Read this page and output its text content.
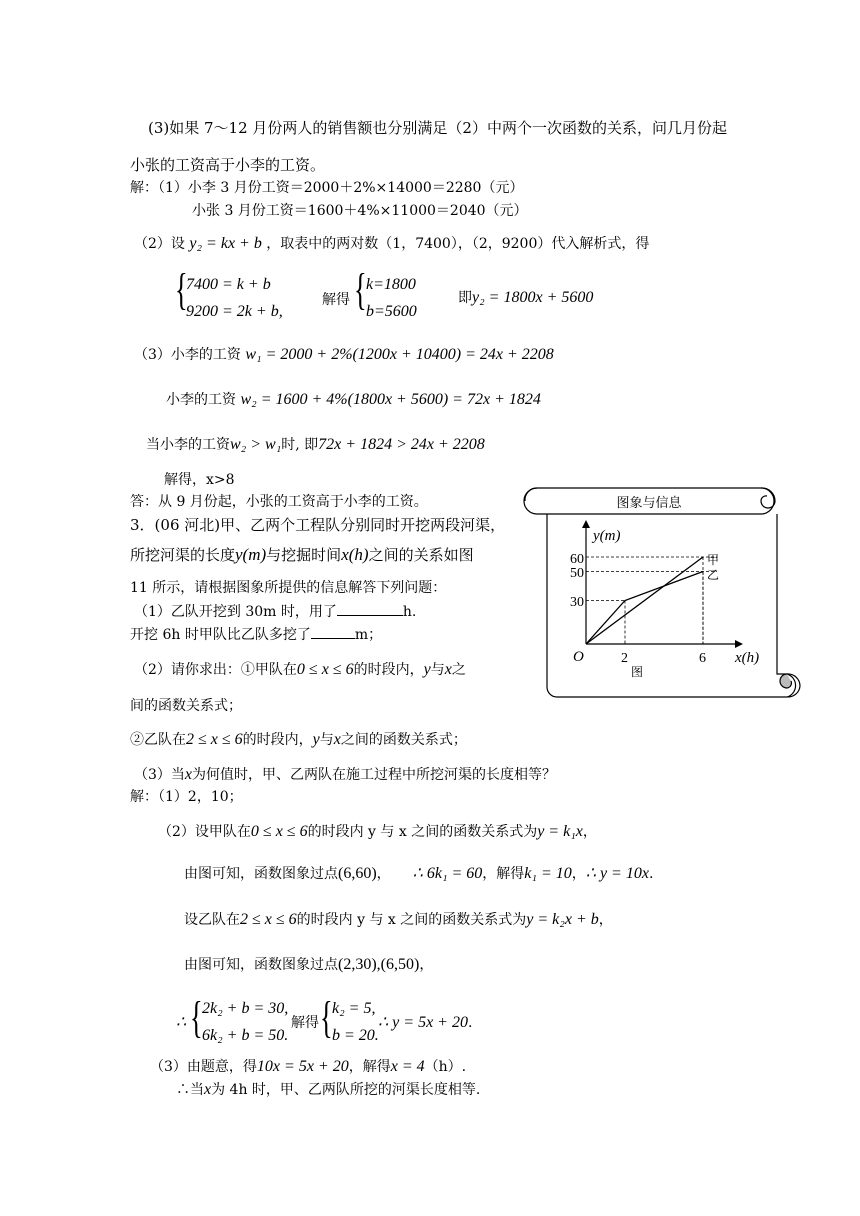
(3)如果 7～12 月份两人的销售额也分别满足（2）中两个一次函数的关系，问几月份起
小张的工资高于小李的工资。
解：（1）小李 3 月份工资＝2000＋2%×14000＝2280（元）
小张 3 月份工资＝1600＋4%×11000＝2040（元）
（2）设 y₂ = kx + b ，取表中的两对数（1，7400），（2，9200）代入解析式，得
{
7400 = k + b
9200 = 2k + b,
解得 { k=1800
b=5600
即y₂ = 1800x + 5600
（3）小李的工资 w₁ = 2000 + 2%(1200x + 10400) = 24x + 2208
小李的工资 w₂ = 1600 + 4%(1800x + 5600) = 72x + 1824
当小李的工资w₂ > w₁时, 即72x + 1824 > 24x + 2208
解得，x>8
答：从 9 月份起，小张的工资高于小李的工资。
3．(06 河北)甲、乙两个工程队分别同时开挖两段河渠，
所挖河渠的长度y(m)与挖掘时间x(h)之间的关系如图
11 所示，请根据图象所提供的信息解答下列问题：
（1）乙队开挖到 30m 时，用了	h.
开挖 6h 时甲队比乙队多挖了	m；
（2）请你求出：①甲队在0 ≤ x ≤ 6的时段内，y与x之
间的函数关系式；
②乙队在2 ≤ x ≤ 6的时段内，y与x之间的函数关系式；
（3）当x为何值时，甲、乙两队在施工过程中所挖河渠的长度相等？
解：（1）2，10；
（2）设甲队在0 ≤ x ≤ 6的时段内 y 与 x 之间的函数关系式为y = k₁x，
由图可知，函数图象过点(6,60)， ∴ 6k₁ = 60，解得k₁ = 10，∴ y = 10x.
设乙队在2 ≤ x ≤ 6的时段内 y 与 x 之间的函数关系式为y = k₂x + b，
由图可知，函数图象过点(2,30),(6,50)，
∴ { 2k₂ + b = 30,
6k₂ + b = 50.
解得 { k₂ = 5,
b = 20.
∴ y = 5x + 20.
（3）由题意，得10x = 5x + 20，解得x = 4（h）.
∴当x为 4h 时，甲、乙两队所挖的河渠长度相等.
图象与信息
y(m)
x(h)
O
60
50
30
2	6
甲
乙
图
